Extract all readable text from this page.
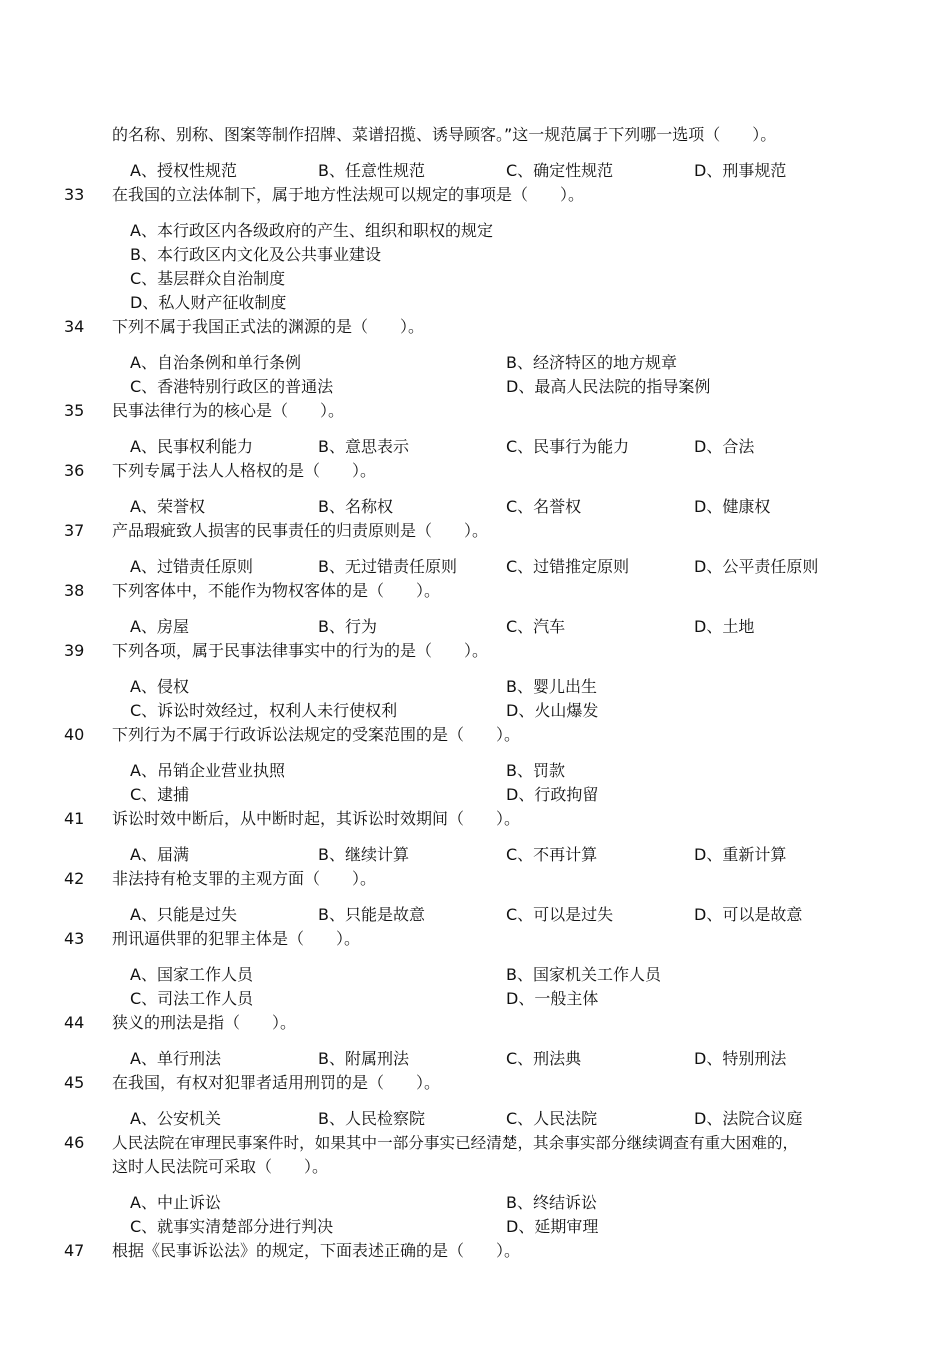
的名称、别称、图案等制作招牌、菜谱招揽、诱导顾客。”这一规范属于下列哪一选项（　　）。
A、授权性规范	B、任意性规范	C、确定性规范	D、刑事规范
33	在我国的立法体制下，属于地方性法规可以规定的事项是（　　）。
A、本行政区内各级政府的产生、组织和职权的规定
B、本行政区内文化及公共事业建设
C、基层群众自治制度
D、私人财产征收制度
34	下列不属于我国正式法的渊源的是（　　）。
A、自治条例和单行条例	B、经济特区的地方规章
C、香港特别行政区的普通法	D、最高人民法院的指导案例
35	民事法律行为的核心是（　　）。
A、民事权利能力	B、意思表示	C、民事行为能力	D、合法
36	下列专属于法人人格权的是（　　）。
A、荣誉权	B、名称权	C、名誉权	D、健康权
37	产品瑕疵致人损害的民事责任的归责原则是（　　）。
A、过错责任原则	B、无过错责任原则	C、过错推定原则	D、公平责任原则
38	下列客体中，不能作为物权客体的是（　　）。
A、房屋	B、行为	C、汽车	D、土地
39	下列各项，属于民事法律事实中的行为的是（　　）。
A、侵权	B、婴儿出生
C、诉讼时效经过，权利人未行使权利	D、火山爆发
40	下列行为不属于行政诉讼法规定的受案范围的是（　　）。
A、吊销企业营业执照	B、罚款
C、逮捕	D、行政拘留
41	诉讼时效中断后，从中断时起，其诉讼时效期间（　　）。
A、届满	B、继续计算	C、不再计算	D、重新计算
42	非法持有枪支罪的主观方面（　　）。
A、只能是过失	B、只能是故意	C、可以是过失	D、可以是故意
43	刑讯逼供罪的犯罪主体是（　　）。
A、国家工作人员	B、国家机关工作人员
C、司法工作人员	D、一般主体
44	狭义的刑法是指（　　）。
A、单行刑法	B、附属刑法	C、刑法典	D、特别刑法
45	在我国，有权对犯罪者适用刑罚的是（　　）。
A、公安机关	B、人民检察院	C、人民法院	D、法院合议庭
46	人民法院在审理民事案件时，如果其中一部分事实已经清楚，其余事实部分继续调查有重大困难的，
这时人民法院可采取（　　）。
A、中止诉讼	B、终结诉讼
C、就事实清楚部分进行判决	D、延期审理
47	根据《民事诉讼法》的规定，下面表述正确的是（　　）。
